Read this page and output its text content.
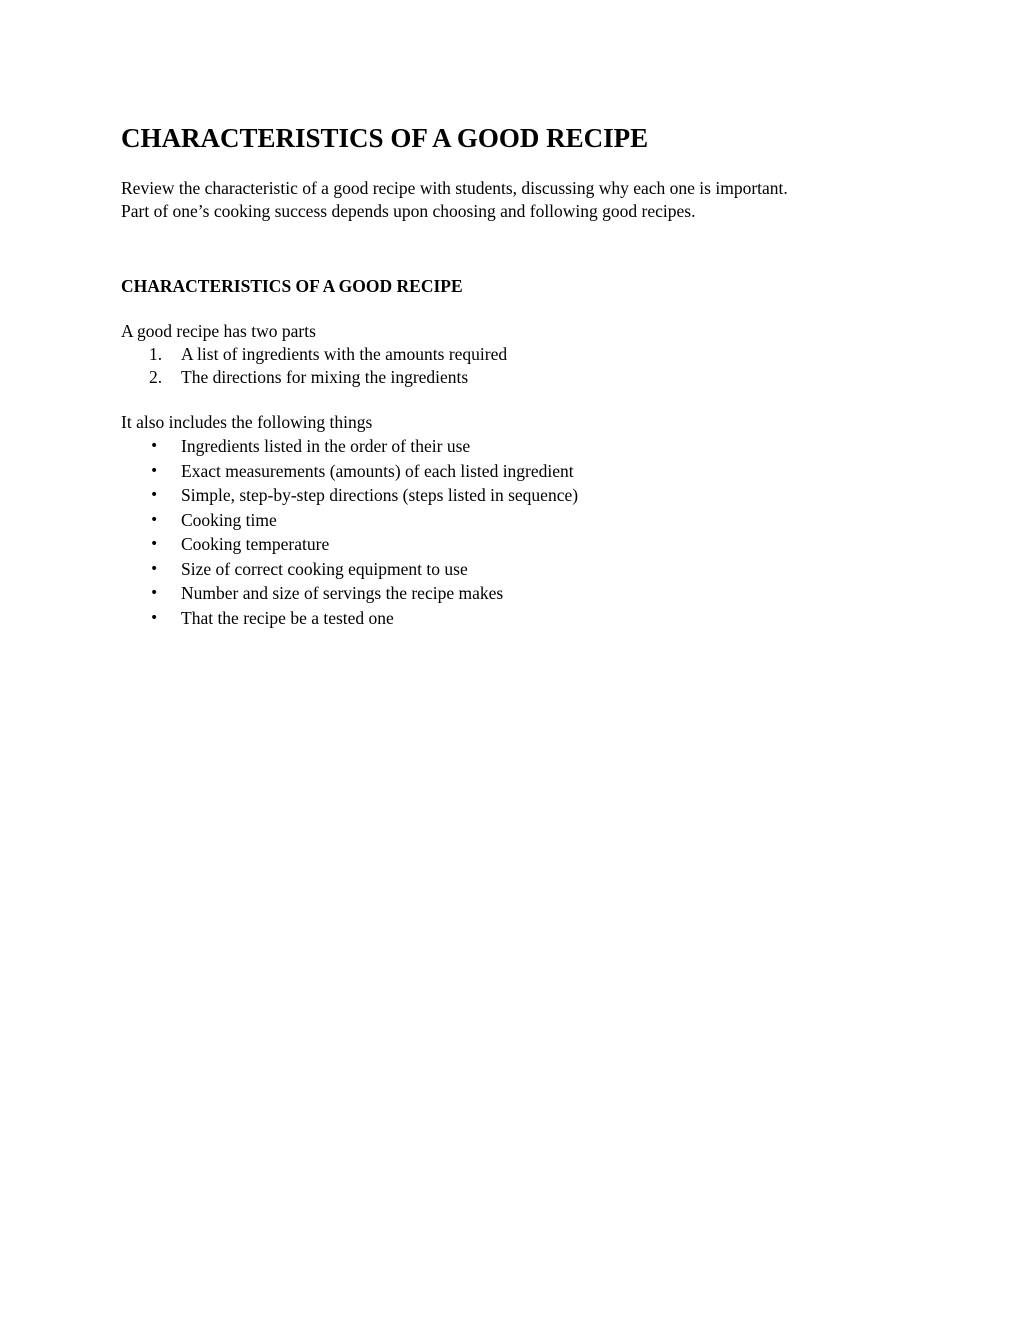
CHARACTERISTICS OF A GOOD RECIPE

Review the characteristic of a good recipe with students, discussing why each one is important.
Part of one’s cooking success depends upon choosing and following good recipes.

CHARACTERISTICS OF A GOOD RECIPE

A good recipe has two parts

1.	A list of ingredients with the amounts required
2.	The directions for mixing the ingredients

It also includes the following things

• Ingredients listed in the order of their use
• Exact measurements (amounts) of each listed ingredient
• Simple, step-by-step directions (steps listed in sequence)
• Cooking time
• Cooking temperature
• Size of correct cooking equipment to use
• Number and size of servings the recipe makes
• That the recipe be a tested one
